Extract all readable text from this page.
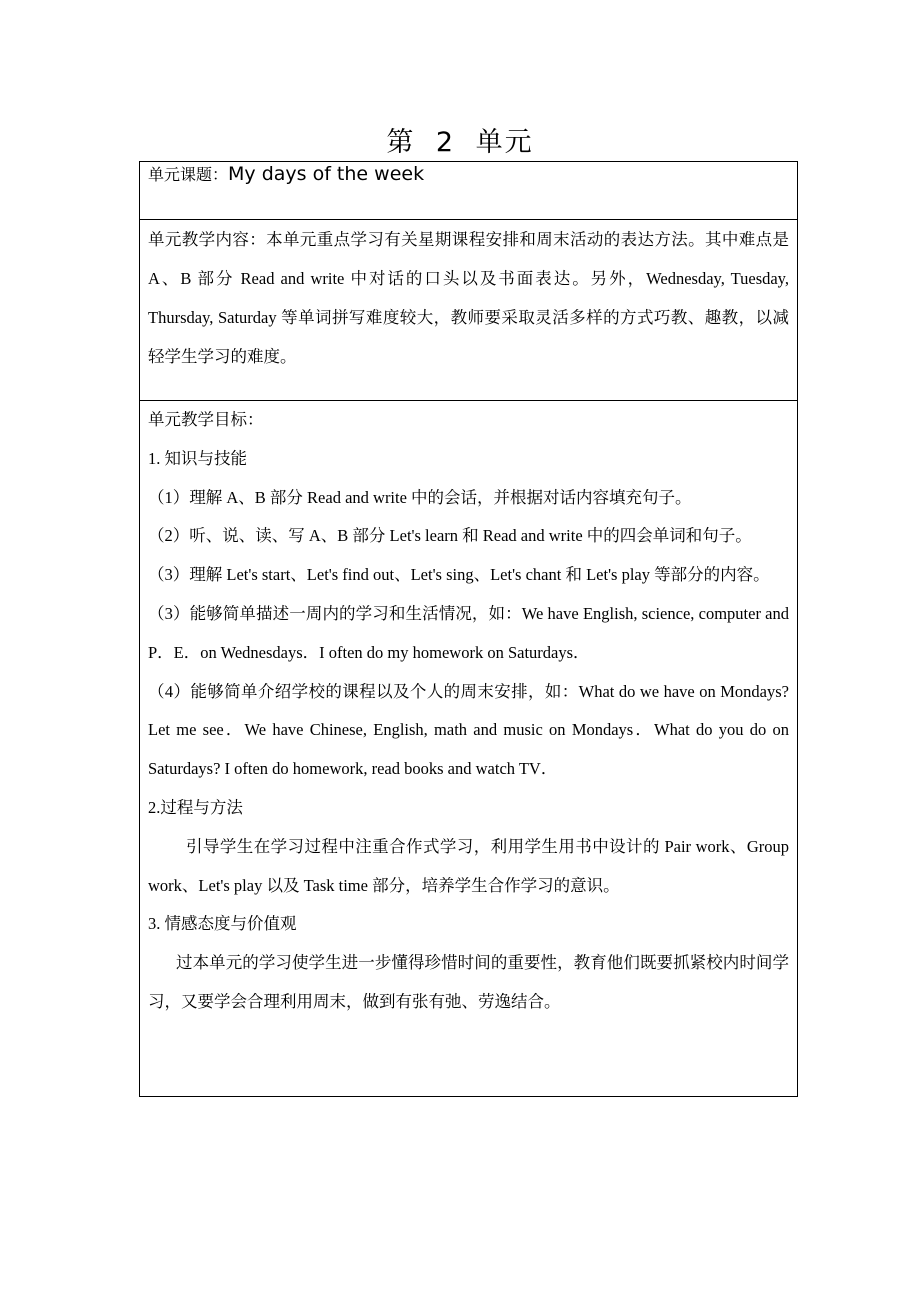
第 2 单元
单元课题：My days of the week

单元教学内容：本单元重点学习有关星期课程安排和周末活动的表达方法。其中难点是 A、B 部分 Read and write 中对话的口头以及书面表达。另外，Wednesday, Tuesday, Thursday, Saturday 等单词拼写难度较大，教师要采取灵活多样的方式巧教、趣教，以减轻学生学习的难度。

单元教学目标：
1. 知识与技能
（1）理解 A、B 部分 Read and write 中的会话，并根据对话内容填充句子。
（2）听、说、读、写 A、B 部分 Let's learn 和 Read and write 中的四会单词和句子。
（3）理解 Let's start、Let's find out、Let's sing、Let's chant 和 Let's play 等部分的内容。
（3）能够简单描述一周内的学习和生活情况，如：We have English, science, computer and P．E．on Wednesdays．I often do my homework on Saturdays．
（4）能够简单介绍学校的课程以及个人的周末安排，如：What do we have on Mondays? Let me see．We have Chinese, English, math and music on Mondays．What do you do on Saturdays? I often do homework, read books and watch TV．
2.过程与方法
引导学生在学习过程中注重合作式学习，利用学生用书中设计的 Pair work、Group work、Let's play 以及 Task time 部分，培养学生合作学习的意识。
3. 情感态度与价值观
过本单元的学习使学生进一步懂得珍惜时间的重要性，教育他们既要抓紧校内时间学习，又要学会合理利用周末，做到有张有弛、劳逸结合。
